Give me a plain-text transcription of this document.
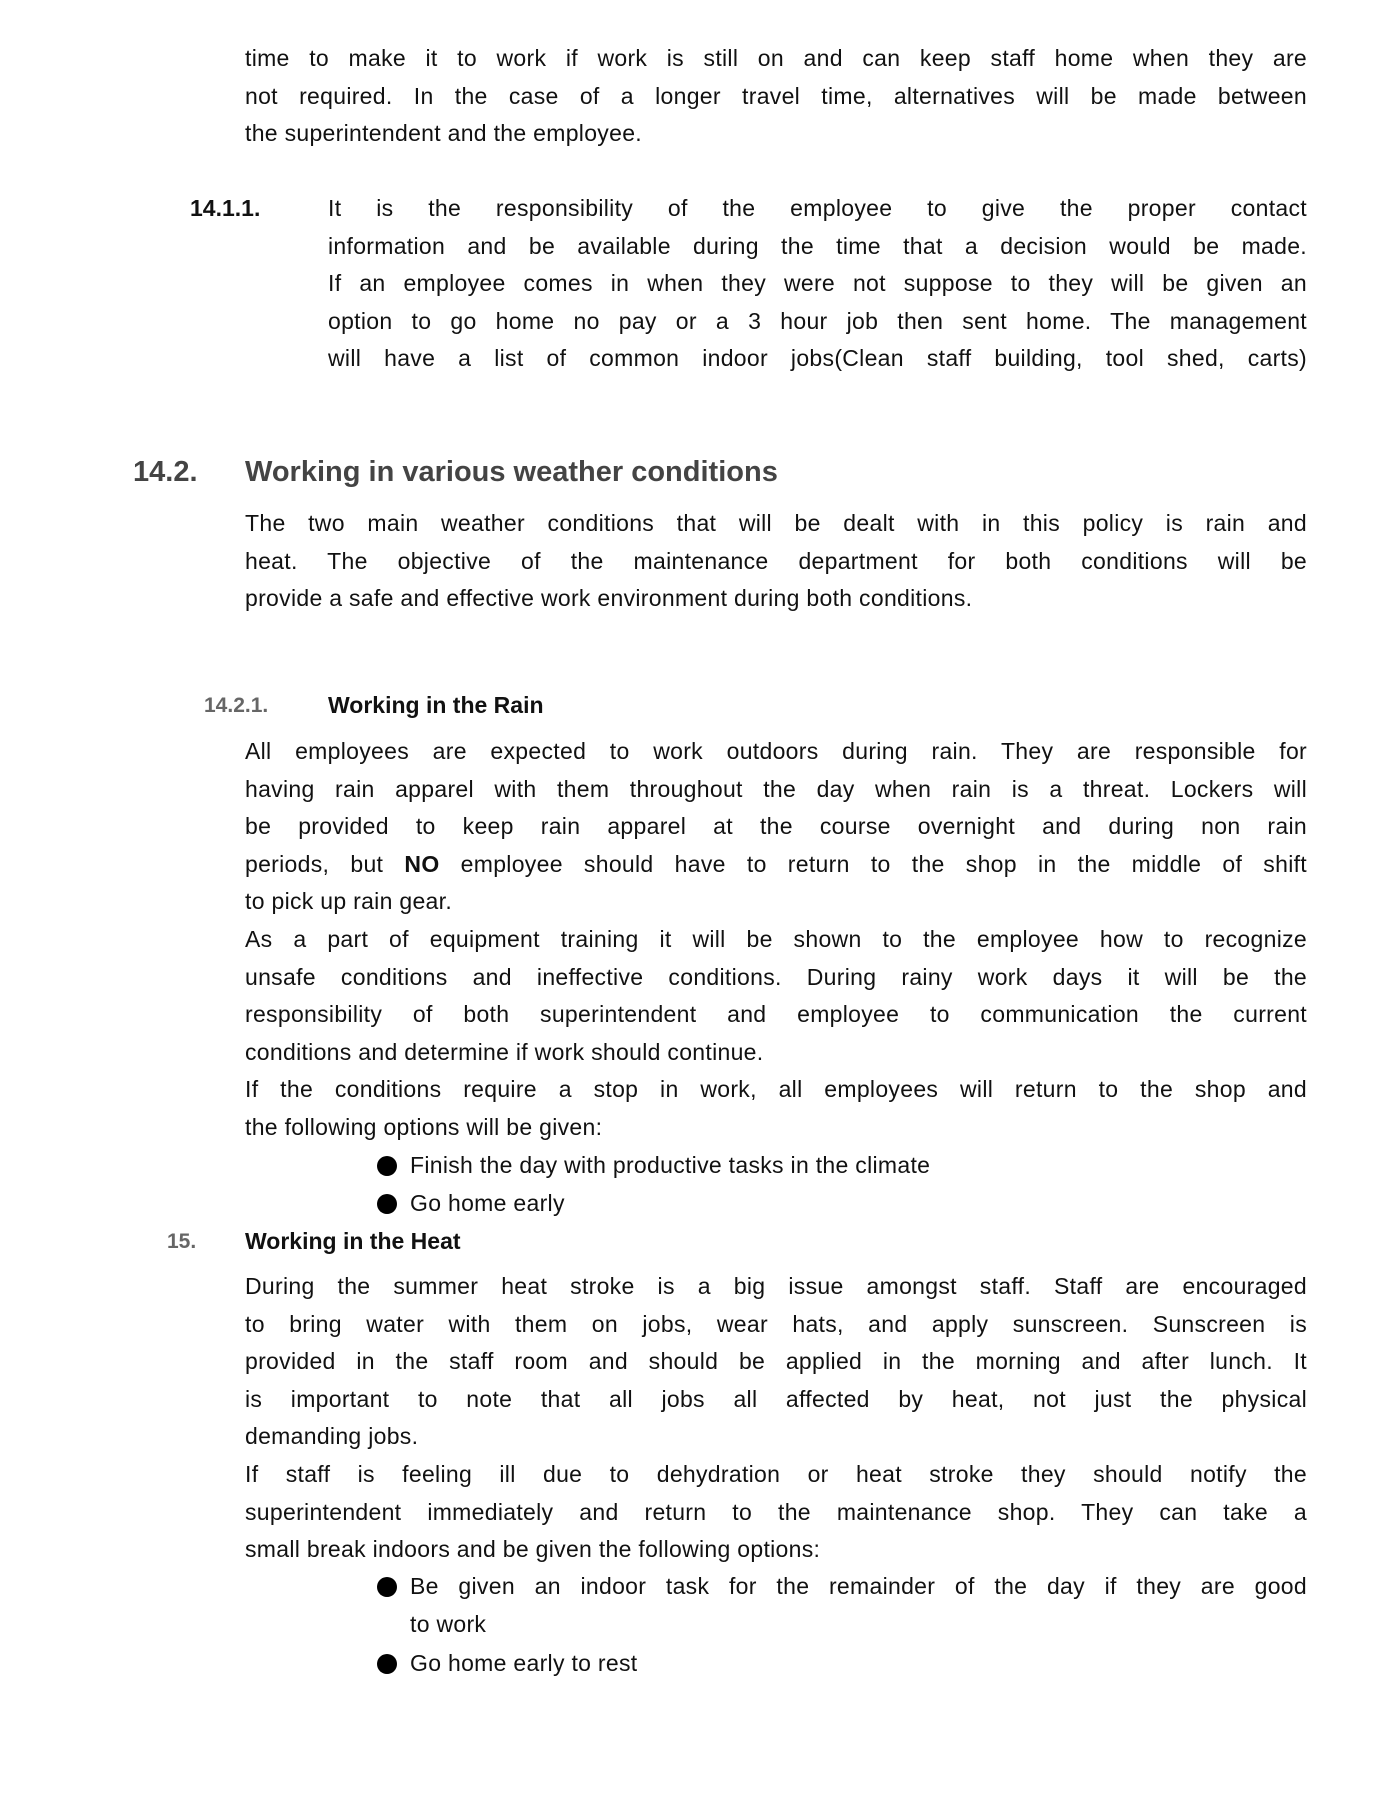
time to make it to work if work is still on and can keep staff home when they are
not required. In the case of a longer travel time, alternatives will be made between
the superintendent and the employee.
14.1.1.	It is the responsibility of the employee to give the proper contact
information and be available during the time that a decision would be made.
If an employee comes in when they were not suppose to they will be given an
option to go home no pay or a 3 hour job then sent home. The management
will have a list of common indoor jobs(Clean staff building, tool shed, carts)
14.2. Working in various weather conditions
The two main weather conditions that will be dealt with in this policy is rain and
heat. The objective of the maintenance department for both conditions will be
provide a safe and effective work environment during both conditions.
14.2.1.	Working in the Rain
All employees are expected to work outdoors during rain. They are responsible for
having rain apparel with them throughout the day when rain is a threat. Lockers will
be provided to keep rain apparel at the course overnight and during non rain
periods, but NO employee should have to return to the shop in the middle of shift
to pick up rain gear.
As a part of equipment training it will be shown to the employee how to recognize
unsafe conditions and ineffective conditions. During rainy work days it will be the
responsibility of both superintendent and employee to communication the current
conditions and determine if work should continue.
If the conditions require a stop in work, all employees will return to the shop and
the following options will be given:
Finish the day with productive tasks in the climate
Go home early
15. Working in the Heat
During the summer heat stroke is a big issue amongst staff. Staff are encouraged
to bring water with them on jobs, wear hats, and apply sunscreen. Sunscreen is
provided in the staff room and should be applied in the morning and after lunch. It
is important to note that all jobs all affected by heat, not just the physical
demanding jobs.
If staff is feeling ill due to dehydration or heat stroke they should notify the
superintendent immediately and return to the maintenance shop. They can take a
small break indoors and be given the following options:
Be given an indoor task for the remainder of the day if they are good
to work
Go home early to rest
